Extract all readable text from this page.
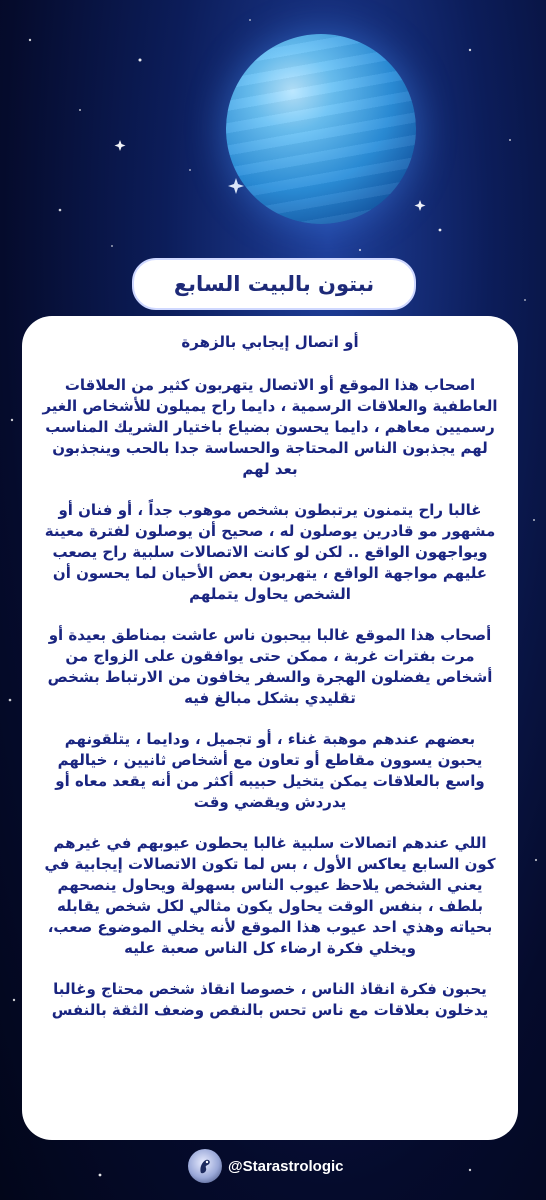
نبتون بالبيت السابع

أو اتصال إيجابي بالزهرة

اصحاب هذا الموقع أو الاتصال يتهربون كثير من العلاقات العاطفية والعلاقات الرسمية ، دايما راح يميلون للأشخاص الغير رسميين معاهم ، دايما يحسون بضياع باختيار الشريك المناسب لهم يجذبون الناس المحتاجة والحساسة جدا بالحب وينجذبون بعد لهم

غالبا راح يتمنون يرتبطون بشخص موهوب جداً ، أو فنان أو مشهور مو قادرين يوصلون له ، صحيح أن يوصلون لفترة معينة ويواجهون الواقع .. لكن لو كانت الاتصالات سلبية راح يصعب عليهم مواجهة الواقع ، يتهربون بعض الأحيان لما يحسون أن الشخص يحاول يتملهم

أصحاب هذا الموقع غالبا بيحبون ناس عاشت بمناطق بعيدة أو مرت بفترات غربة ، ممكن حتى يوافقون على الزواج من أشخاص يفضلون الهجرة والسفر يخافون من الارتباط بشخص تقليدي بشكل مبالغ فيه

بعضهم عندهم موهبة غناء ، أو تجميل ، ودايما ، يتلقونهم يحبون يسوون مقاطع أو تعاون مع أشخاص ثانيين ، خيالهم واسع بالعلاقات يمكن يتخيل حبيبه أكثر من أنه يقعد معاه أو يدردش ويقضي وقت

اللي عندهم اتصالات سلبية غالبا يحطون عيوبهم في غيرهم كون السابع يعاكس الأول ، بس لما تكون الاتصالات إيجابية في يعني الشخص يلاحظ عيوب الناس بسهولة ويحاول ينصحهم بلطف ، بنفس الوقت يحاول يكون مثالي لكل شخص يقابله بحياته وهذي احد عيوب هذا الموقع لأنه يخلي الموضوع صعب، ويخلي فكرة ارضاء كل الناس صعبة عليه

يحبون فكرة انقاذ الناس ، خصوصا انقاذ شخص محتاج وغالبا يدخلون بعلاقات مع ناس تحس بالنقص وضعف الثقة بالنفس

@Starastrologic
